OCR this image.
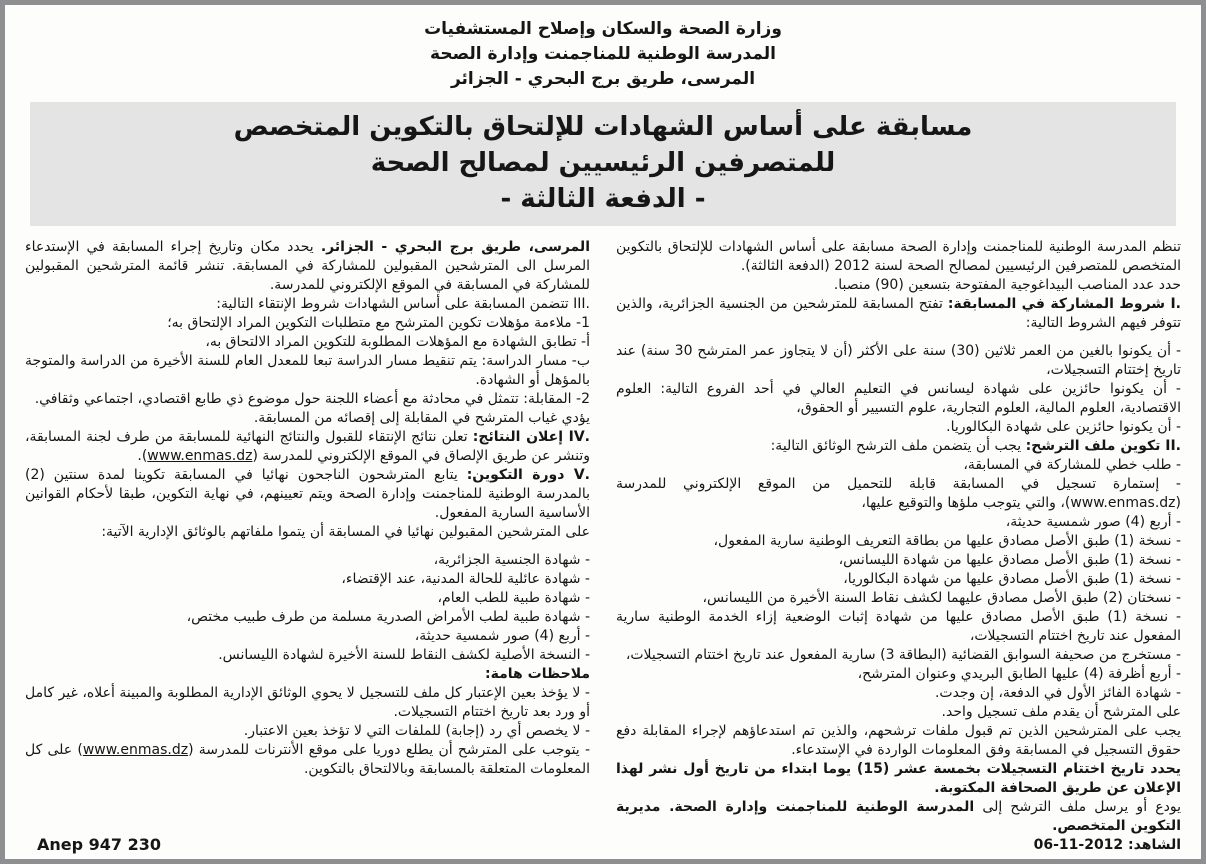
وزارة الصحة والسكان وإصلاح المستشفيات
المدرسة الوطنية للمناجمنت وإدارة الصحة
المرسى، طريق برج البحري - الجزائر
مسابقة على أساس الشهادات للإلتحاق بالتكوين المتخصص
للمتصرفين الرئيسيين لمصالح الصحة
- الدفعة الثالثة -

تنظم المدرسة الوطنية للمناجمنت وإدارة الصحة مسابقة على أساس الشهادات للإلتحاق بالتكوين المتخصص للمتصرفين الرئيسيين لمصالح الصحة لسنة 2012 (الدفعة الثالثة).

حدد عدد المناصب البيداغوجية المفتوحة بتسعين (90) منصبا.

.I شروط المشاركة في المسابقة: تفتح المسابقة للمترشحين من الجنسية الجزائرية، والذين تتوفر فيهم الشروط التالية:

- أن يكونوا بالغين من العمر ثلاثين (30) سنة على الأكثر (أن لا يتجاوز عمر المترشح 30 سنة) عند تاريخ إختتام التسجيلات،

- أن يكونوا حائزين على شهادة ليسانس في التعليم العالي في أحد الفروع التالية: العلوم الاقتصادية، العلوم المالية، العلوم التجارية، علوم التسيير أو الحقوق،

- أن يكونوا حائزين على شهادة البكالوريا.

.II تكوين ملف الترشح: يجب أن يتضمن ملف الترشح الوثائق التالية:

- طلب خطي للمشاركة في المسابقة،

- إستمارة تسجيل في المسابقة قابلة للتحميل من الموقع الإلكتروني للمدرسة (www.enmas.dz)، والتي يتوجب ملؤها والتوقيع عليها،

- أربع (4) صور شمسية حديثة،

- نسخة (1) طبق الأصل مصادق عليها من بطاقة التعريف الوطنية سارية المفعول،

- نسخة (1) طبق الأصل مصادق عليها من شهادة الليسانس،

- نسخة (1) طبق الأصل مصادق عليها من شهادة البكالوريا،

- نسختان (2) طبق الأصل مصادق عليهما لكشف نقاط السنة الأخيرة من الليسانس،

- نسخة (1) طبق الأصل مصادق عليها من شهادة إثبات الوضعية إزاء الخدمة الوطنية سارية المفعول عند تاريخ اختتام التسجيلات،

- مستخرج من صحيفة السوابق القضائية (البطاقة 3) سارية المفعول عند تاريخ اختتام التسجيلات،

- أربع أظرفة (4) عليها الطابق البريدي وعنوان المترشح،

- شهادة الفائز الأول في الدفعة، إن وجدت.

على المترشح أن يقدم ملف تسجيل واحد.

يجب على المترشحين الذين تم قبول ملفات ترشحهم، والذين تم استدعاؤهم لإجراء المقابلة دفع حقوق التسجيل في المسابقة وفق المعلومات الواردة في الإستدعاء.

يحدد تاريخ اختتام التسجيلات بخمسة عشر (15) يوما ابتداء من تاريخ أول نشر لهذا الإعلان عن طريق الصحافة المكتوبة.

يودع أو يرسل ملف الترشح إلى المدرسة الوطنية للمناجمنت وإدارة الصحة. مديرية التكوين المتخصص.

الشاهد: 2012-11-06

المرسى، طريق برج البحري - الجزائر. يحدد مكان وتاريخ إجراء المسابقة في الإستدعاء المرسل الى المترشحين المقبولين للمشاركة في المسابقة. تنشر قائمة المترشحين المقبولين للمشاركة في المسابقة في الموقع الإلكتروني للمدرسة.

.III تتضمن المسابقة على أساس الشهادات شروط الإنتقاء التالية:

1- ملاءمة مؤهلات تكوين المترشح مع متطلبات التكوين المراد الإلتحاق به؛

أ- تطابق الشهادة مع المؤهلات المطلوبة للتكوين المراد الالتحاق به،

ب- مسار الدراسة: يتم تنقيط مسار الدراسة تبعا للمعدل العام للسنة الأخيرة من الدراسة والمتوجة بالمؤهل أو الشهادة.

2- المقابلة: تتمثل في محادثة مع أعضاء اللجنة حول موضوع ذي طابع اقتصادي، اجتماعي وثقافي.

يؤدي غياب المترشح في المقابلة إلى إقصائه من المسابقة.

.IV إعلان النتائج: تعلن نتائج الإنتقاء للقبول والنتائج النهائية للمسابقة من طرف لجنة المسابقة، وتنشر عن طريق الإلصاق في الموقع الإلكتروني للمدرسة (www.enmas.dz).

.V دورة التكوين: يتابع المترشحون الناجحون نهائيا في المسابقة تكوينا لمدة سنتين (2) بالمدرسة الوطنية للمناجمنت وإدارة الصحة ويتم تعيينهم، في نهاية التكوين، طبقا لأحكام القوانين الأساسية السارية المفعول.

على المترشحين المقبولين نهائيا في المسابقة أن يتموا ملفاتهم بالوثائق الإدارية الآتية:

- شهادة الجنسية الجزائرية،

- شهادة عائلية للحالة المدنية، عند الإقتضاء،

- شهادة طبية للطب العام،

- شهادة طبية لطب الأمراض الصدرية مسلمة من طرف طبيب مختص،

- أربع (4) صور شمسية حديثة،

- النسخة الأصلية لكشف النقاط للسنة الأخيرة لشهادة الليسانس.

ملاحظات هامة:

- لا يؤخذ بعين الإعتبار كل ملف للتسجيل لا يحوي الوثائق الإدارية المطلوبة والمبينة أعلاه، غير كامل أو ورد بعد تاريخ اختتام التسجيلات.

- لا يخصص أي رد (إجابة) للملفات التي لا تؤخذ بعين الاعتبار.

- يتوجب على المترشح أن يطلع دوريا على موقع الأنترنات للمدرسة (www.enmas.dz) على كل المعلومات المتعلقة بالمسابقة وبالالتحاق بالتكوين.

Anep 947 230
